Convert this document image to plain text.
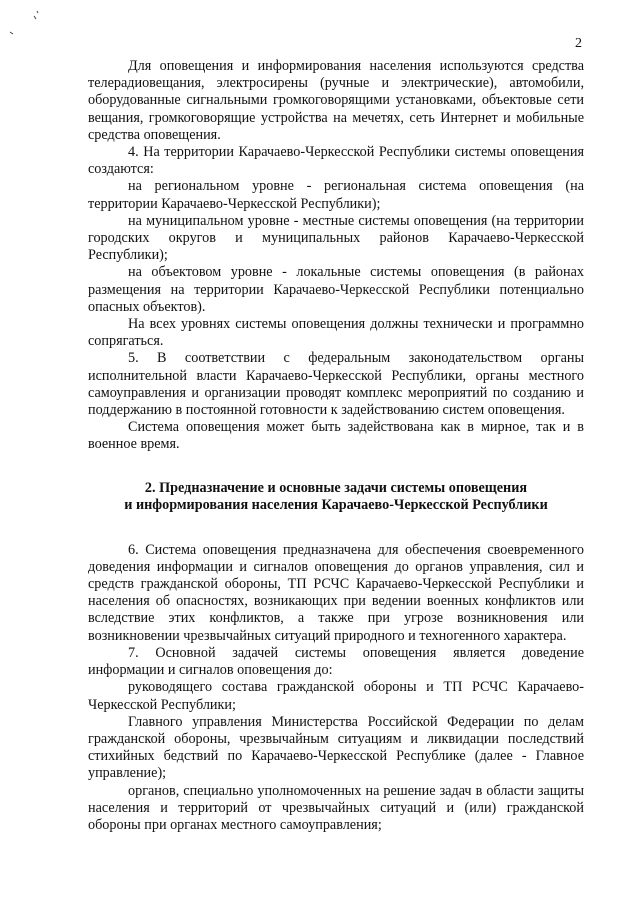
2

Для оповещения и информирования населения используются средства телерадиовещания, электросирены (ручные и электрические), автомобили, оборудованные сигнальными громкоговорящими установками, объектовые сети вещания, громкоговорящие устройства на мечетях, сеть Интернет и мобильные средства оповещения.

4. На территории Карачаево-Черкесской Республики системы оповещения создаются:

на региональном уровне - региональная система оповещения (на территории Карачаево-Черкесской Республики);

на муниципальном уровне - местные системы оповещения (на территории городских округов и муниципальных районов Карачаево-Черкесской Республики);

на объектовом уровне - локальные системы оповещения (в районах размещения на территории Карачаево-Черкесской Республики потенциально опасных объектов).

На всех уровнях системы оповещения должны технически и программно сопрягаться.

5. В соответствии с федеральным законодательством органы исполнительной власти Карачаево-Черкесской Республики, органы местного самоуправления и организации проводят комплекс мероприятий по созданию и поддержанию в постоянной готовности к задействованию систем оповещения.

Система оповещения может быть задействована как в мирное, так и в военное время.

2. Предназначение и основные задачи системы оповещения
и информирования населения Карачаево-Черкесской Республики

6. Система оповещения предназначена для обеспечения своевременного доведения информации и сигналов оповещения до органов управления, сил и средств гражданской обороны, ТП РСЧС Карачаево-Черкесской Республики и населения об опасностях, возникающих при ведении военных конфликтов или вследствие этих конфликтов, а также при угрозе возникновения или возникновении чрезвычайных ситуаций природного и техногенного характера.

7. Основной задачей системы оповещения является доведение информации и сигналов оповещения до:

руководящего состава гражданской обороны и ТП РСЧС Карачаево-Черкесской Республики;

Главного управления Министерства Российской Федерации по делам гражданской обороны, чрезвычайным ситуациям и ликвидации последствий стихийных бедствий по Карачаево-Черкесской Республике (далее - Главное управление);

органов, специально уполномоченных на решение задач в области защиты населения и территорий от чрезвычайных ситуаций и (или) гражданской обороны при органах местного самоуправления;
